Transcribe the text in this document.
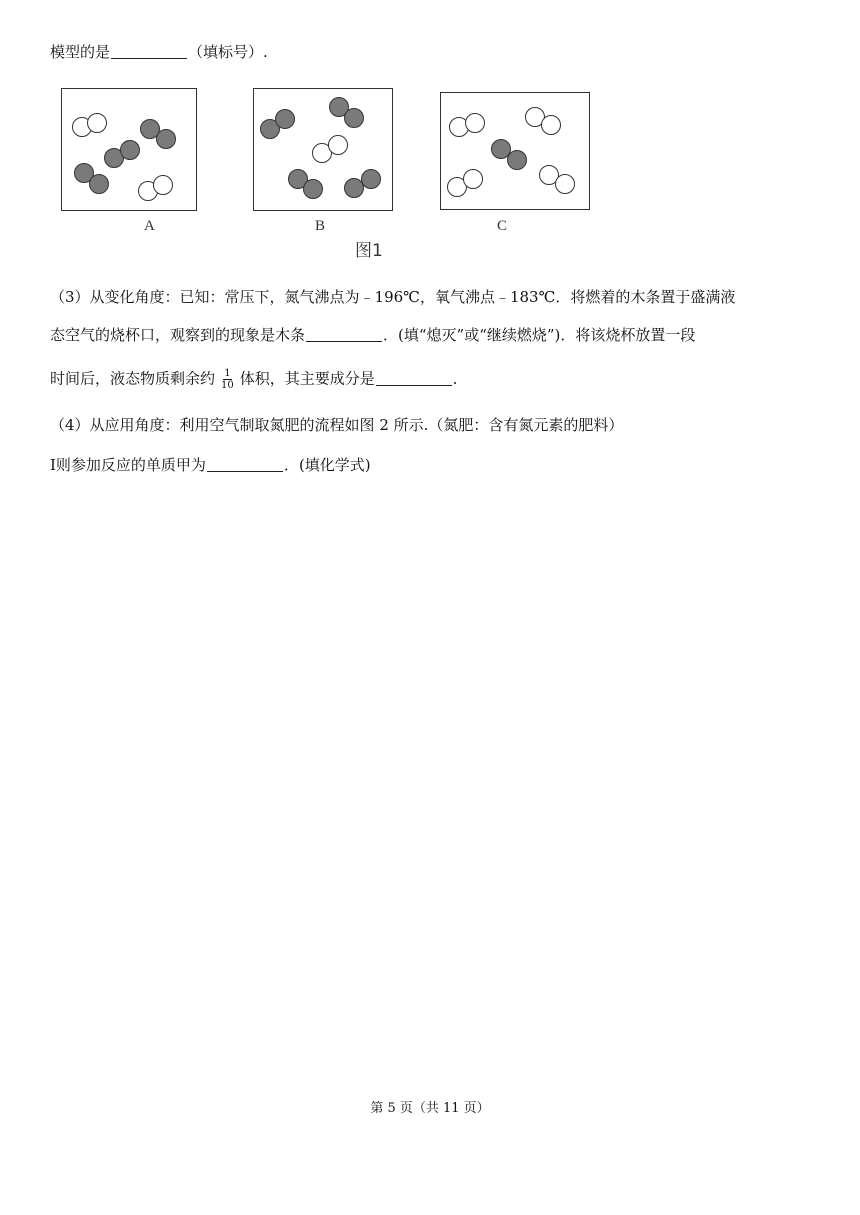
模型的是	（填标号）.
A	B
图1
C
（3）从变化角度：已知：常压下，氮气沸点为﹣196℃，氧气沸点﹣183℃．将燃着的木条置于盛满液
态空气的烧杯口，观察到的现象是木条	．(填“熄灭”或“继续燃烧”)．将该烧杯放置一段
时间后，液态物质剩余约 $\frac{1}{10}$ 体积，其主要成分是	．
（4）从应用角度：利用空气制取氮肥的流程如图 2 所示.（氮肥：含有氮元素的肥料）
Ⅰ则参加反应的单质甲为	．(填化学式)
第 5 页（共 11 页）
